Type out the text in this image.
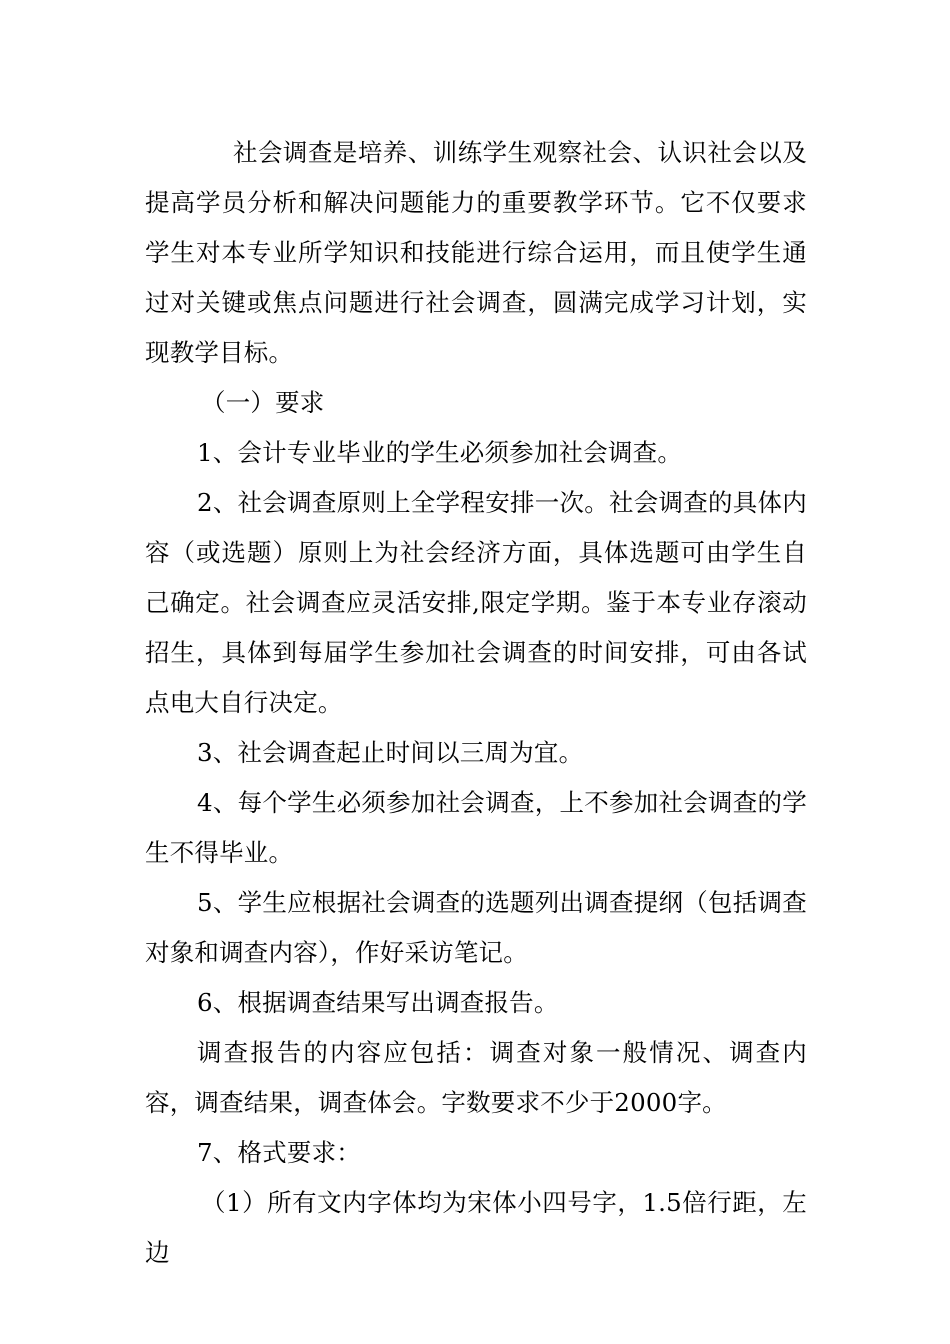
社会调查是培养、训练学生观察社会、认识社会以及提高学员分析和解决问题能力的重要教学环节。它不仅要求学生对本专业所学知识和技能进行综合运用，而且使学生通过对关键或焦点问题进行社会调查，圆满完成学习计划，实现教学目标。

（一）要求

1、会计专业毕业的学生必须参加社会调查。

2、社会调查原则上全学程安排一次。社会调查的具体内容（或选题）原则上为社会经济方面，具体选题可由学生自己确定。社会调查应灵活安排,限定学期。鉴于本专业存滚动招生，具体到每届学生参加社会调查的时间安排，可由各试点电大自行决定。

3、社会调查起止时间以三周为宜。

4、每个学生必须参加社会调查，上不参加社会调查的学生不得毕业。

5、学生应根据社会调查的选题列出调查提纲（包括调查对象和调查内容），作好采访笔记。

6、根据调查结果写出调查报告。

调查报告的内容应包括：调查对象一般情况、调查内容，调查结果，调查体会。字数要求不少于2000字。

7、格式要求：

（1）所有文内字体均为宋体小四号字，1.5倍行距，左边
